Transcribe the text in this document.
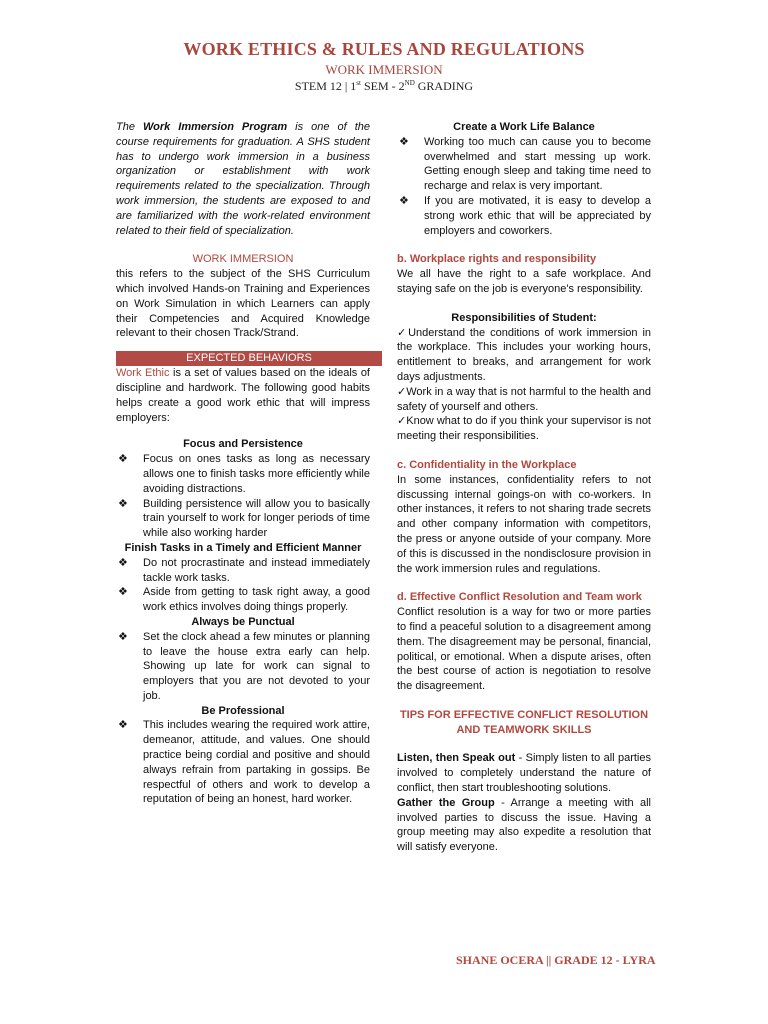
WORK ETHICS & RULES AND REGULATIONS
WORK IMMERSION
STEM 12 | 1st SEM - 2ND GRADING

The Work Immersion Program is one of the course requirements for graduation. A SHS student has to undergo work immersion in a business organization or establishment with work requirements related to the specialization. Through work immersion, the students are exposed to and are familiarized with the work-related environment related to their field of specialization.

WORK IMMERSION

this refers to the subject of the SHS Curriculum which involved Hands-on Training and Experiences on Work Simulation in which Learners can apply their Competencies and Acquired Knowledge relevant to their chosen Track/Strand.

EXPECTED BEHAVIORS

Work Ethic is a set of values based on the ideals of discipline and hardwork. The following good habits helps create a good work ethic that will impress employers:

Focus and Persistence
❖ Focus on ones tasks as long as necessary allows one to finish tasks more efficiently while avoiding distractions.
❖ Building persistence will allow you to basically train yourself to work for longer periods of time while also working harder
Finish Tasks in a Timely and Efficient Manner
❖ Do not procrastinate and instead immediately tackle work tasks.
❖ Aside from getting to task right away, a good work ethics involves doing things properly.
Always be Punctual
❖ Set the clock ahead a few minutes or planning to leave the house extra early can help. Showing up late for work can signal to employers that you are not devoted to your job.
Be Professional
❖ This includes wearing the required work attire, demeanor, attitude, and values. One should practice being cordial and positive and should always refrain from partaking in gossips. Be respectful of others and work to develop a reputation of being an honest, hard worker.
Create a Work Life Balance
❖ Working too much can cause you to become overwhelmed and start messing up work. Getting enough sleep and taking time need to recharge and relax is very important.
❖ If you are motivated, it is easy to develop a strong work ethic that will be appreciated by employers and coworkers.
b. Workplace rights and responsibility

We all have the right to a safe workplace. And staying safe on the job is everyone's responsibility.

Responsibilities of Student:

✓Understand the conditions of work immersion in the workplace. This includes your working hours, entitlement to breaks, and arrangement for work days adjustments.

✓Work in a way that is not harmful to the health and safety of yourself and others.

✓Know what to do if you think your supervisor is not meeting their responsibilities.

c. Confidentiality in the Workplace

In some instances, confidentiality refers to not discussing internal goings-on with co-workers. In other instances, it refers to not sharing trade secrets and other company information with competitors, the press or anyone outside of your company. More of this is discussed in the nondisclosure provision in the work immersion rules and regulations.

d. Effective Conflict Resolution and Team work

Conflict resolution is a way for two or more parties to find a peaceful solution to a disagreement among them. The disagreement may be personal, financial, political, or emotional. When a dispute arises, often the best course of action is negotiation to resolve the disagreement.

TIPS FOR EFFECTIVE CONFLICT RESOLUTION
AND TEAMWORK SKILLS

Listen, then Speak out - Simply listen to all parties involved to completely understand the nature of conflict, then start troubleshooting solutions.

Gather the Group - Arrange a meeting with all involved parties to discuss the issue. Having a group meeting may also expedite a resolution that will satisfy everyone.

SHANE OCERA || GRADE 12 - LYRA
